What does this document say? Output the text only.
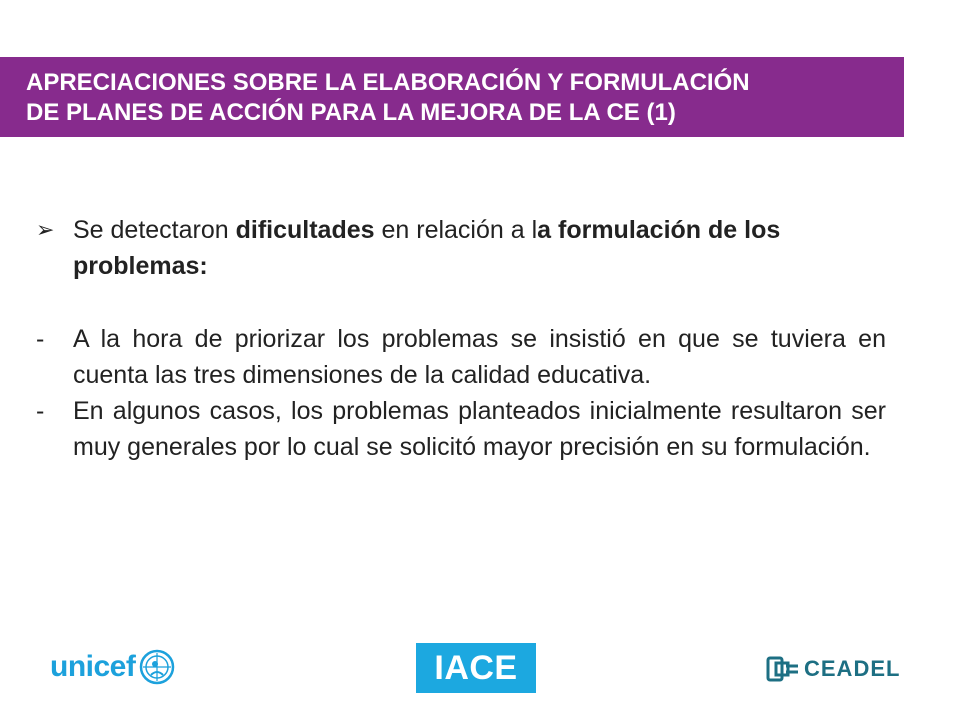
APRECIACIONES SOBRE LA ELABORACIÓN Y FORMULACIÓN
DE PLANES DE ACCIÓN PARA LA MEJORA DE LA CE (1)
➢ Se detectaron dificultades en relación a la formulación de los problemas:
-	A la hora de priorizar los problemas se insistió en que se tuviera en cuenta las tres dimensiones de la calidad educativa.
-	En algunos casos, los problemas planteados inicialmente resultaron ser muy generales por lo cual se solicitó mayor precisión en su formulación.
unicef	IACE	CEADEL
